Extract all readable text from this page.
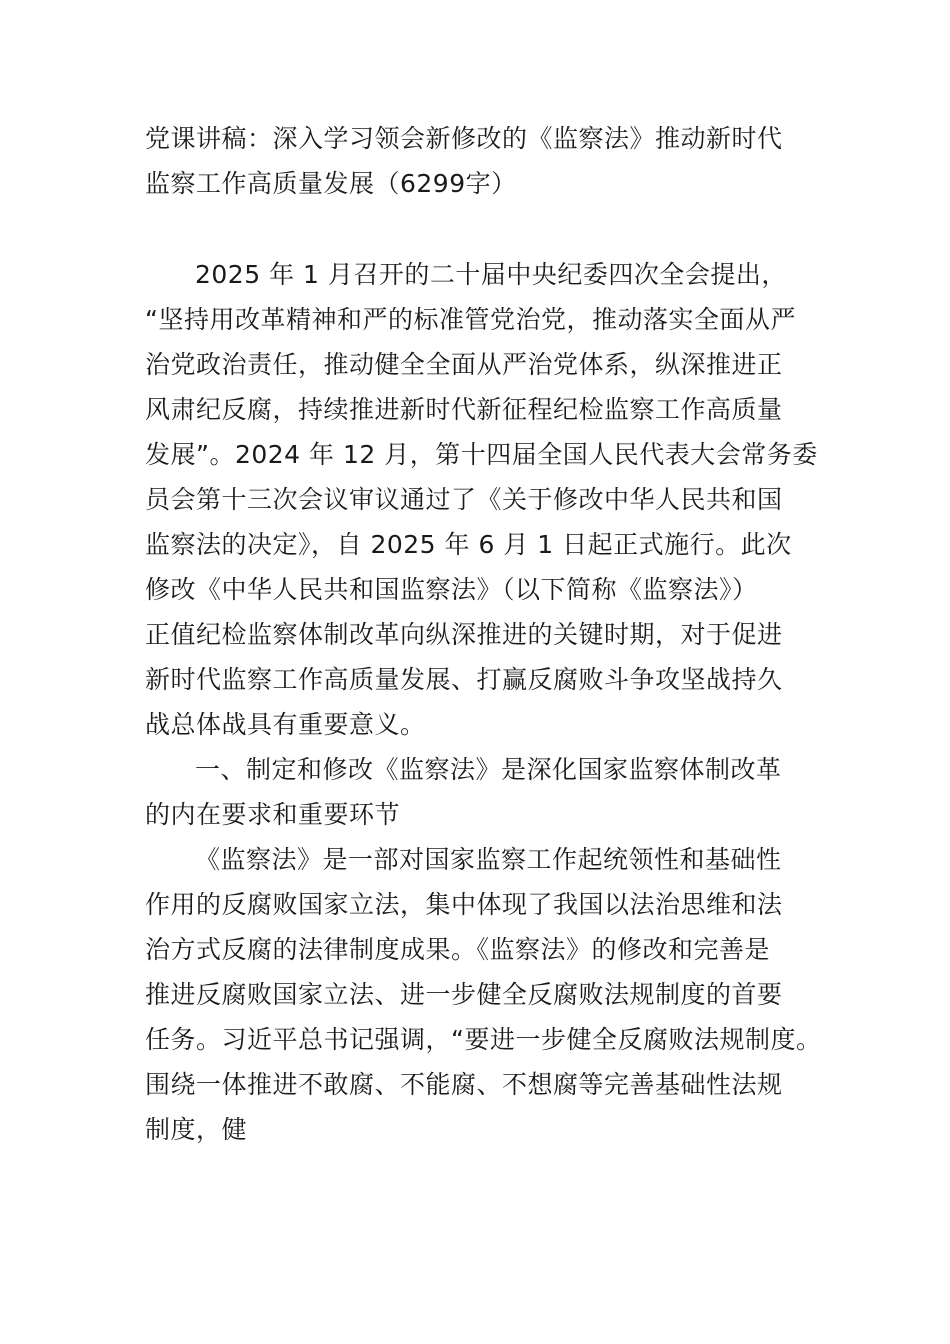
党课讲稿：深入学习领会新修改的《监察法》推动新时代
监察工作高质量发展（6299字）
2025 年 1 月召开的二十届中央纪委四次全会提出，
“坚持用改革精神和严的标准管党治党，推动落实全面从严
治党政治责任，推动健全全面从严治党体系，纵深推进正
风肃纪反腐，持续推进新时代新征程纪检监察工作高质量
发展”。2024 年 12 月，第十四届全国人民代表大会常务委
员会第十三次会议审议通过了《关于修改中华人民共和国
监察法的决定》，自 2025 年 6 月 1 日起正式施行。此次
修改《中华人民共和国监察法》（以下简称《监察法》）
正值纪检监察体制改革向纵深推进的关键时期，对于促进
新时代监察工作高质量发展、打赢反腐败斗争攻坚战持久
战总体战具有重要意义。
一、制定和修改《监察法》是深化国家监察体制改革
的内在要求和重要环节
《监察法》是一部对国家监察工作起统领性和基础性
作用的反腐败国家立法，集中体现了我国以法治思维和法
治方式反腐的法律制度成果。《监察法》的修改和完善是
推进反腐败国家立法、进一步健全反腐败法规制度的首要
任务。习近平总书记强调，“要进一步健全反腐败法规制度。
围绕一体推进不敢腐、不能腐、不想腐等完善基础性法规
制度，健
